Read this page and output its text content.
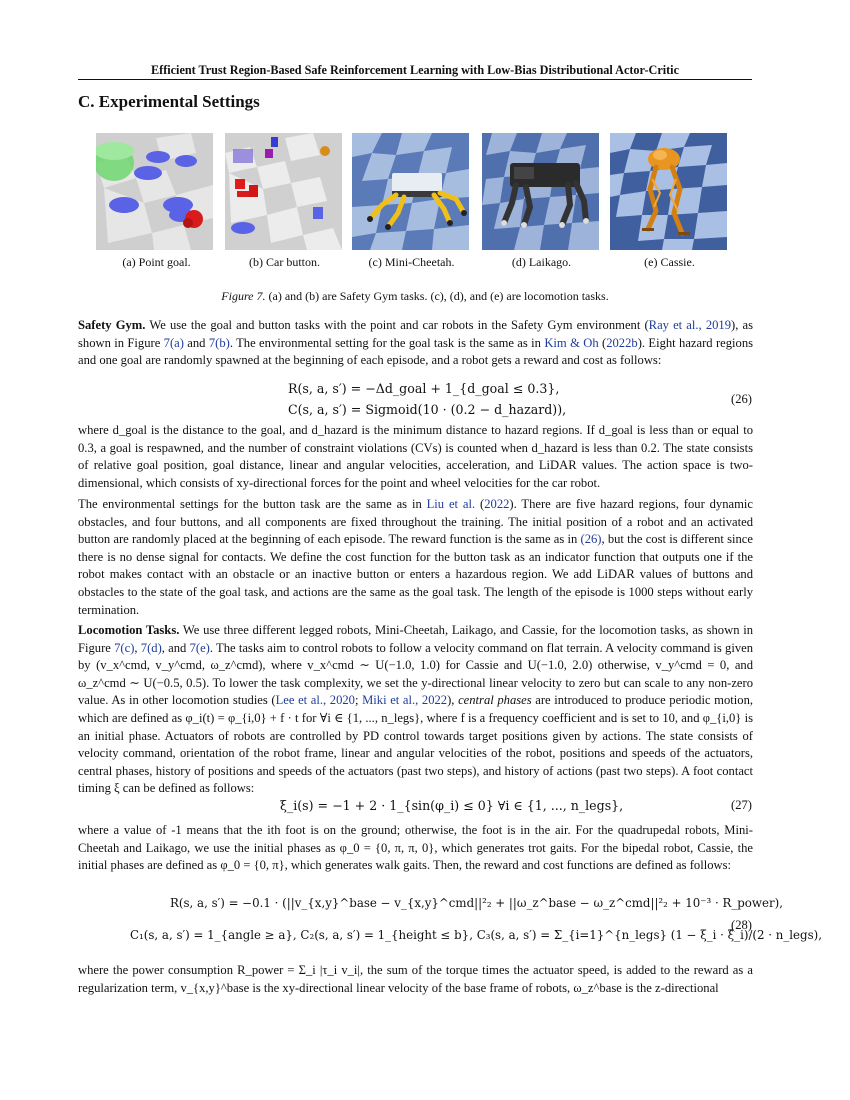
Efficient Trust Region-Based Safe Reinforcement Learning with Low-Bias Distributional Actor-Critic
C. Experimental Settings
(a) Point goal.	(b) Car button.	(c) Mini-Cheetah.	(d) Laikago.	(e) Cassie.
Figure 7. (a) and (b) are Safety Gym tasks. (c), (d), and (e) are locomotion tasks.

Safety Gym. We use the goal and button tasks with the point and car robots in the Safety Gym environment (Ray et al., 2019), as shown in Figure 7(a) and 7(b). The environmental setting for the goal task is the same as in Kim & Oh (2022b). Eight hazard regions and one goal are randomly spawned at the beginning of each episode, and a robot gets a reward and cost as follows:

R(s, a, s′) = −Δd_goal + 1_{d_goal ≤ 0.3},
C(s, a, s′) = Sigmoid(10 · (0.2 − d_hazard)),
(26)

where d_goal is the distance to the goal, and d_hazard is the minimum distance to hazard regions. If d_goal is less than or equal to 0.3, a goal is respawned, and the number of constraint violations (CVs) is counted when d_hazard is less than 0.2. The state consists of relative goal position, goal distance, linear and angular velocities, acceleration, and LiDAR values. The action space is two-dimensional, which consists of xy-directional forces for the point and wheel velocities for the car robot.

The environmental settings for the button task are the same as in Liu et al. (2022). There are five hazard regions, four dynamic obstacles, and four buttons, and all components are fixed throughout the training. The initial position of a robot and an activated button are randomly placed at the beginning of each episode. The reward function is the same as in (26), but the cost is different since there is no dense signal for contacts. We define the cost function for the button task as an indicator function that outputs one if the robot makes contact with an obstacle or an inactive button or enters a hazardous region. We add LiDAR values of buttons and obstacles to the state of the goal task, and actions are the same as the goal task. The length of the episode is 1000 steps without early termination.

Locomotion Tasks. We use three different legged robots, Mini-Cheetah, Laikago, and Cassie, for the locomotion tasks, as shown in Figure 7(c), 7(d), and 7(e). The tasks aim to control robots to follow a velocity command on flat terrain. A velocity command is given by (v_x^cmd, v_y^cmd, ω_z^cmd), where v_x^cmd ∼ U(−1.0, 1.0) for Cassie and U(−1.0, 2.0) otherwise, v_y^cmd = 0, and ω_z^cmd ∼ U(−0.5, 0.5). To lower the task complexity, we set the y-directional linear velocity to zero but can scale to any non-zero value. As in other locomotion studies (Lee et al., 2020; Miki et al., 2022), central phases are introduced to produce periodic motion, which are defined as φ_i(t) = φ_{i,0} + f · t for ∀i ∈ {1, ..., n_legs}, where f is a frequency coefficient and is set to 10, and φ_{i,0} is an initial phase. Actuators of robots are controlled by PD control towards target positions given by actions. The state consists of velocity command, orientation of the robot frame, linear and angular velocities of the robot, positions and speeds of the actuators, central phases, history of positions and speeds of the actuators (past two steps), and history of actions (past two steps). A foot contact timing ξ can be defined as follows:

ξ_i(s) = −1 + 2 · 1_{sin(φ_i) ≤ 0} ∀i ∈ {1, ..., n_legs},	(27)

where a value of -1 means that the ith foot is on the ground; otherwise, the foot is in the air. For the quadrupedal robots, Mini-Cheetah and Laikago, we use the initial phases as φ_0 = {0, π, π, 0}, which generates trot gaits. For the bipedal robot, Cassie, the initial phases are defined as φ_0 = {0, π}, which generates walk gaits. Then, the reward and cost functions are defined as follows:

R(s, a, s′) = −0.1 · (||v_{x,y}^base − v_{x,y}^cmd||²₂ + ||ω_z^base − ω_z^cmd||²₂ + 10⁻³ · R_power),
C₁(s, a, s′) = 1_{angle ≥ a}, C₂(s, a, s′) = 1_{height ≤ b}, C₃(s, a, s′) = Σ_{i=1}^{n_legs} (1 − ξ_i · ξ̂_i)/(2 · n_legs),
(28)

where the power consumption R_power = Σ_i |τ_i v_i|, the sum of the torque times the actuator speed, is added to the reward as a regularization term, v_{x,y}^base is the xy-directional linear velocity of the base frame of robots, ω_z^base is the z-directional
